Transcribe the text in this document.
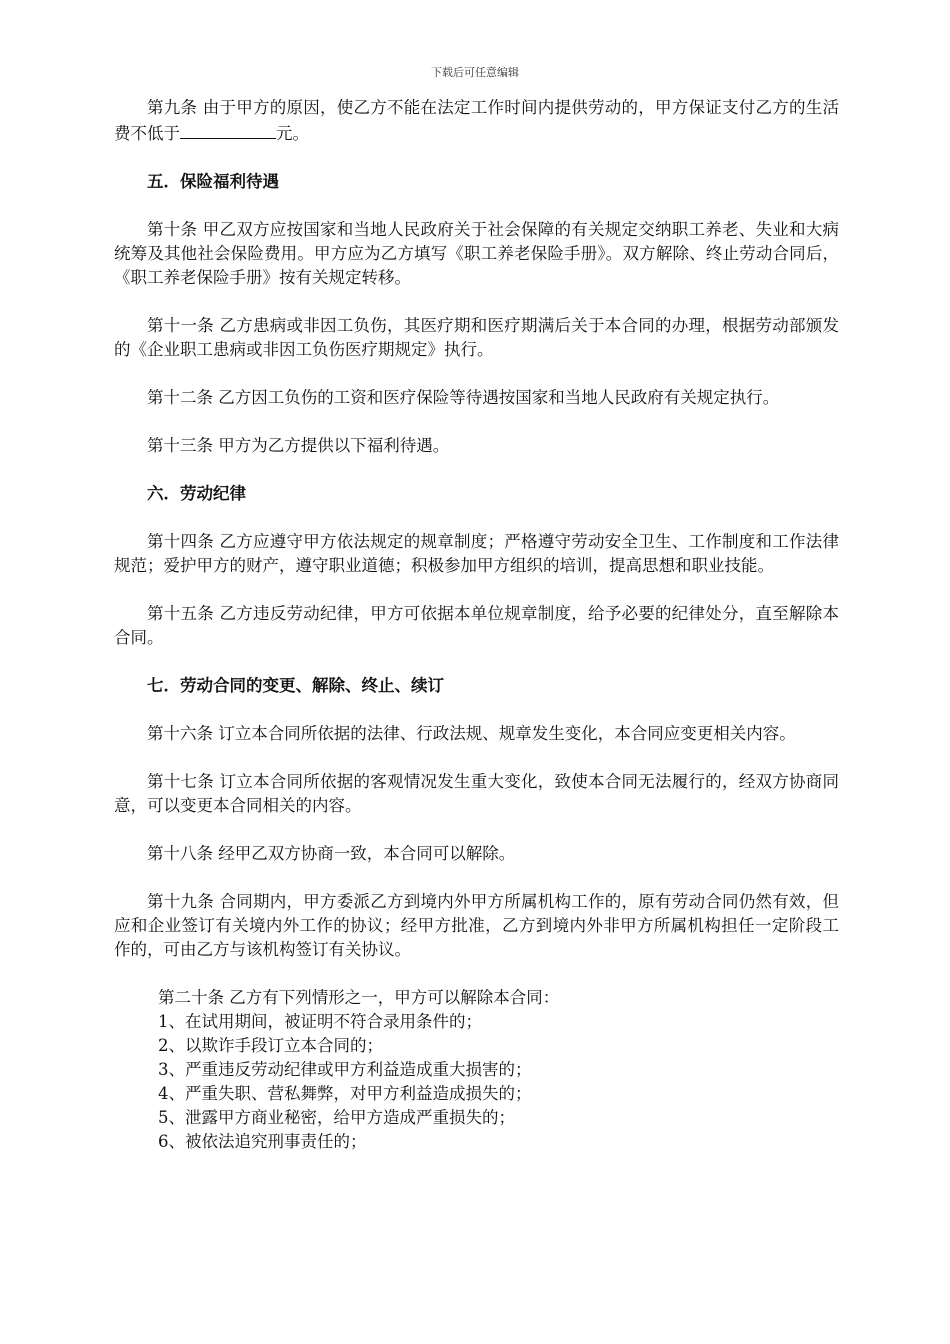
下载后可任意编辑

第九条 由于甲方的原因，使乙方不能在法定工作时间内提供劳动的，甲方保证支付乙方的生活费不低于	元。

五．保险福利待遇

第十条 甲乙双方应按国家和当地人民政府关于社会保障的有关规定交纳职工养老、失业和大病统筹及其他社会保险费用。甲方应为乙方填写《职工养老保险手册》。双方解除、终止劳动合同后，《职工养老保险手册》按有关规定转移。

第十一条 乙方患病或非因工负伤，其医疗期和医疗期满后关于本合同的办理，根据劳动部颁发的《企业职工患病或非因工负伤医疗期规定》执行。

第十二条 乙方因工负伤的工资和医疗保险等待遇按国家和当地人民政府有关规定执行。

第十三条 甲方为乙方提供以下福利待遇。

六．劳动纪律

第十四条 乙方应遵守甲方依法规定的规章制度；严格遵守劳动安全卫生、工作制度和工作法律规范；爱护甲方的财产，遵守职业道德；积极参加甲方组织的培训，提高思想和职业技能。

第十五条 乙方违反劳动纪律，甲方可依据本单位规章制度，给予必要的纪律处分，直至解除本合同。

七．劳动合同的变更、解除、终止、续订

第十六条 订立本合同所依据的法律、行政法规、规章发生变化，本合同应变更相关内容。

第十七条 订立本合同所依据的客观情况发生重大变化，致使本合同无法履行的，经双方协商同意，可以变更本合同相关的内容。

第十八条 经甲乙双方协商一致，本合同可以解除。

第十九条 合同期内，甲方委派乙方到境内外甲方所属机构工作的，原有劳动合同仍然有效，但应和企业签订有关境内外工作的协议；经甲方批准，乙方到境内外非甲方所属机构担任一定阶段工作的，可由乙方与该机构签订有关协议。

第二十条 乙方有下列情形之一，甲方可以解除本合同：
1、在试用期间，被证明不符合录用条件的；
2、以欺诈手段订立本合同的；
3、严重违反劳动纪律或甲方利益造成重大损害的；
4、严重失职、营私舞弊，对甲方利益造成损失的；
5、泄露甲方商业秘密，给甲方造成严重损失的；
6、被依法追究刑事责任的；
